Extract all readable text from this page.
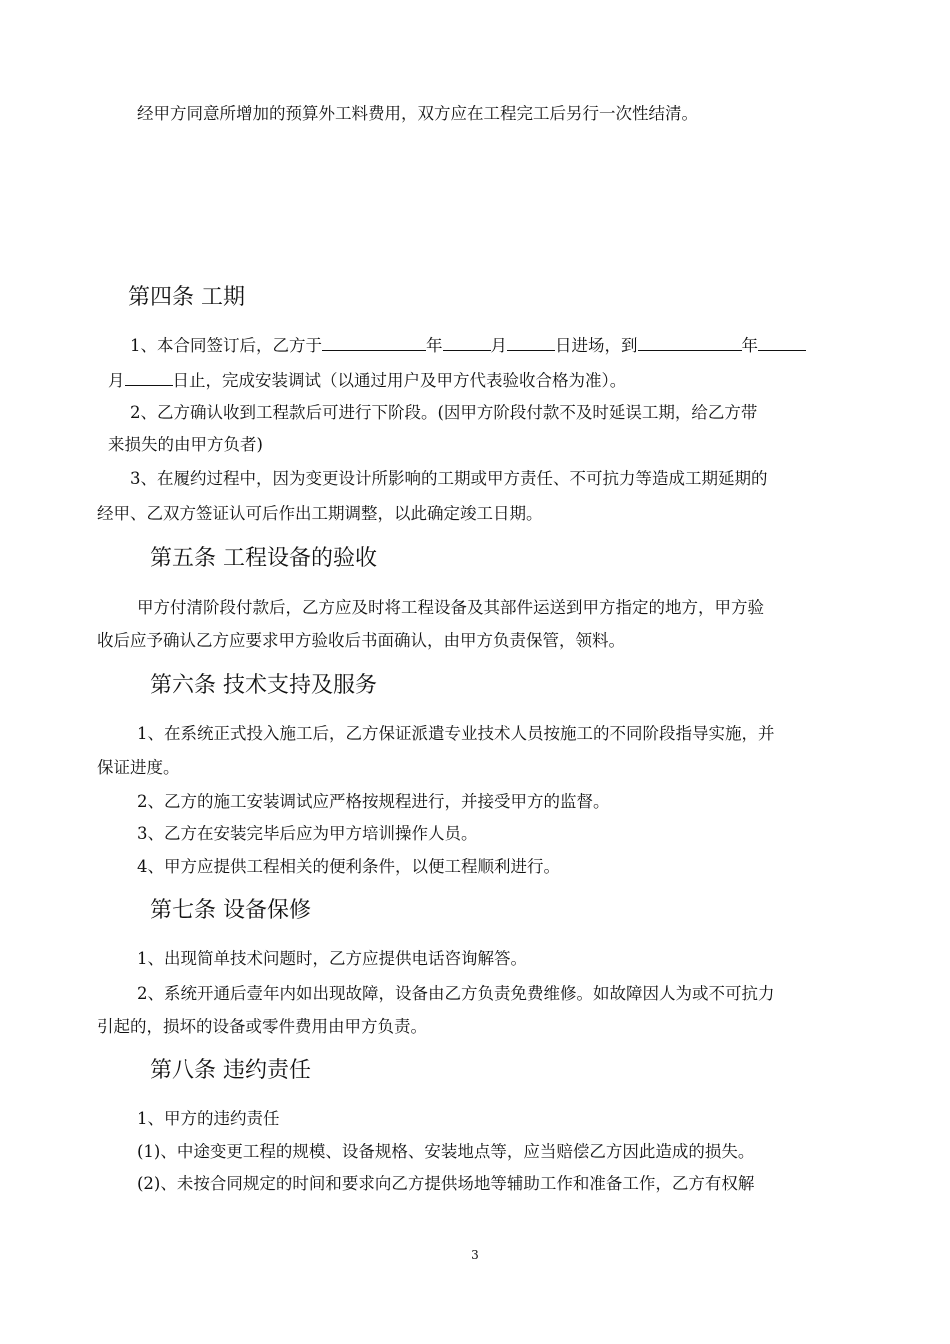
经甲方同意所增加的预算外工料费用，双方应在工程完工后另行一次性结清。
第四条 工期
1、本合同签订后，乙方于	年	月	日进场，到	年
月	日止，完成安装调试（以通过用户及甲方代表验收合格为准）。
2、乙方确认收到工程款后可进行下阶段。(因甲方阶段付款不及时延误工期，给乙方带
来损失的由甲方负者)
3、在履约过程中，因为变更设计所影响的工期或甲方责任、不可抗力等造成工期延期的
经甲、乙双方签证认可后作出工期调整，以此确定竣工日期。
第五条 工程设备的验收
甲方付清阶段付款后，乙方应及时将工程设备及其部件运送到甲方指定的地方，甲方验
收后应予确认乙方应要求甲方验收后书面确认，由甲方负责保管，领料。
第六条 技术支持及服务
1、在系统正式投入施工后，乙方保证派遣专业技术人员按施工的不同阶段指导实施，并
保证进度。
2、乙方的施工安装调试应严格按规程进行，并接受甲方的监督。
3、乙方在安装完毕后应为甲方培训操作人员。
4、甲方应提供工程相关的便利条件，以便工程顺利进行。
第七条 设备保修
1、出现简单技术问题时，乙方应提供电话咨询解答。
2、系统开通后壹年内如出现故障，设备由乙方负责免费维修。如故障因人为或不可抗力
引起的，损坏的设备或零件费用由甲方负责。
第八条 违约责任
1、甲方的违约责任
(1)、中途变更工程的规模、设备规格、安装地点等，应当赔偿乙方因此造成的损失。
(2)、未按合同规定的时间和要求向乙方提供场地等辅助工作和准备工作，乙方有权解
3
